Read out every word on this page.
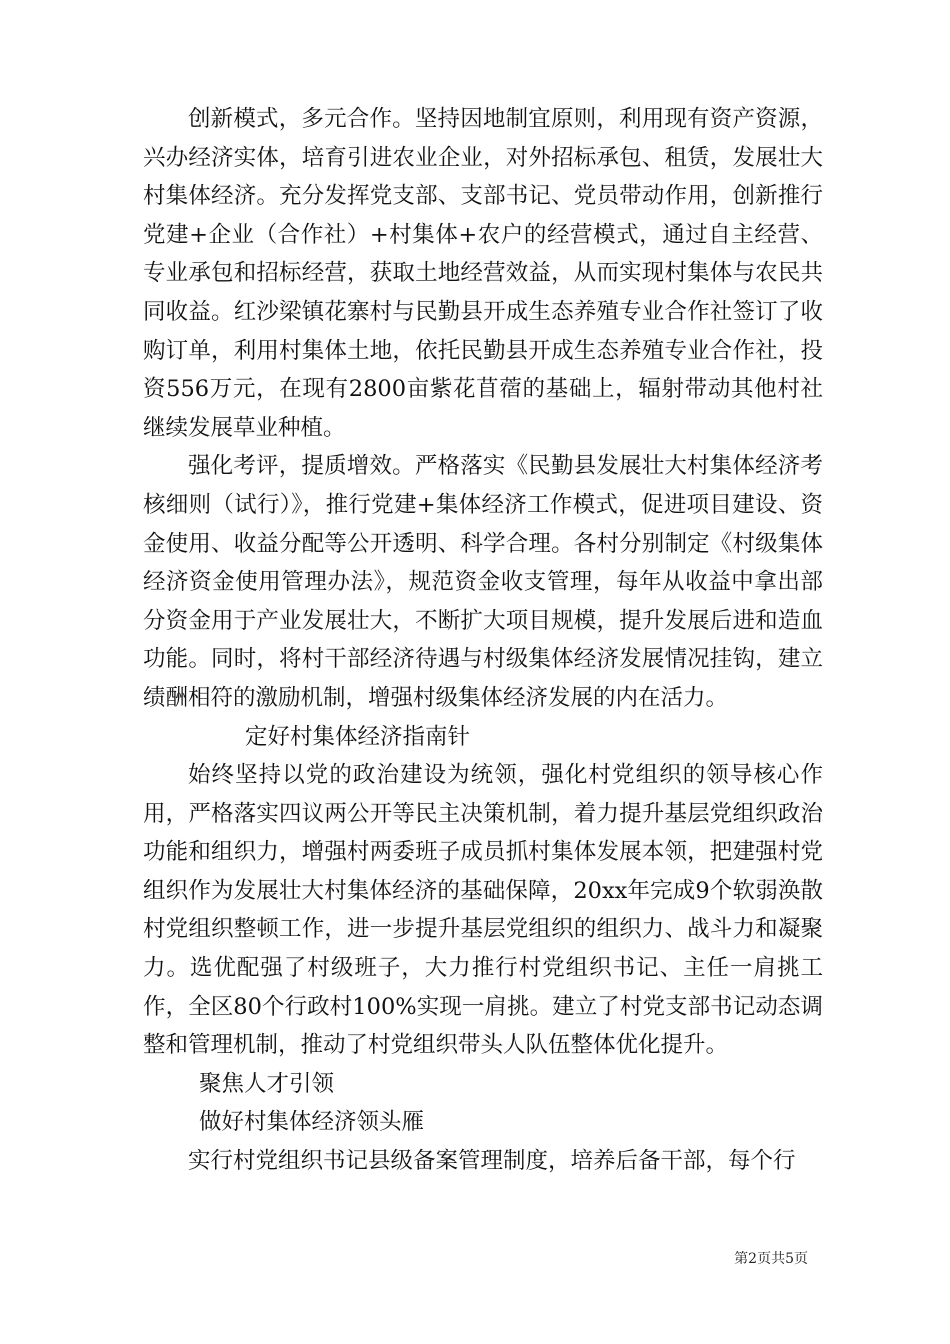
创新模式，多元合作。坚持因地制宜原则，利用现有资产资源，兴办经济实体，培育引进农业企业，对外招标承包、租赁，发展壮大村集体经济。充分发挥党支部、支部书记、党员带动作用，创新推行党建+企业（合作社）+村集体+农户的经营模式，通过自主经营、专业承包和招标经营，获取土地经营效益，从而实现村集体与农民共同收益。红沙梁镇花寨村与民勤县开成生态养殖专业合作社签订了收购订单，利用村集体土地，依托民勤县开成生态养殖专业合作社，投资556万元，在现有2800亩紫花苜蓿的基础上，辐射带动其他村社继续发展草业种植。

强化考评，提质增效。严格落实《民勤县发展壮大村集体经济考核细则（试行）》，推行党建+集体经济工作模式，促进项目建设、资金使用、收益分配等公开透明、科学合理。各村分别制定《村级集体经济资金使用管理办法》，规范资金收支管理，每年从收益中拿出部分资金用于产业发展壮大，不断扩大项目规模，提升发展后进和造血功能。同时，将村干部经济待遇与村级集体经济发展情况挂钩，建立绩酬相符的激励机制，增强村级集体经济发展的内在活力。

定好村集体经济指南针

始终坚持以党的政治建设为统领，强化村党组织的领导核心作用，严格落实四议两公开等民主决策机制，着力提升基层党组织政治功能和组织力，增强村两委班子成员抓村集体发展本领，把建强村党组织作为发展壮大村集体经济的基础保障，20xx年完成9个软弱涣散村党组织整顿工作，进一步提升基层党组织的组织力、战斗力和凝聚力。选优配强了村级班子，大力推行村党组织书记、主任一肩挑工作，全区80个行政村100%实现一肩挑。建立了村党支部书记动态调整和管理机制，推动了村党组织带头人队伍整体优化提升。

聚焦人才引领

做好村集体经济领头雁

实行村党组织书记县级备案管理制度，培养后备干部，每个行

第2页共5页
